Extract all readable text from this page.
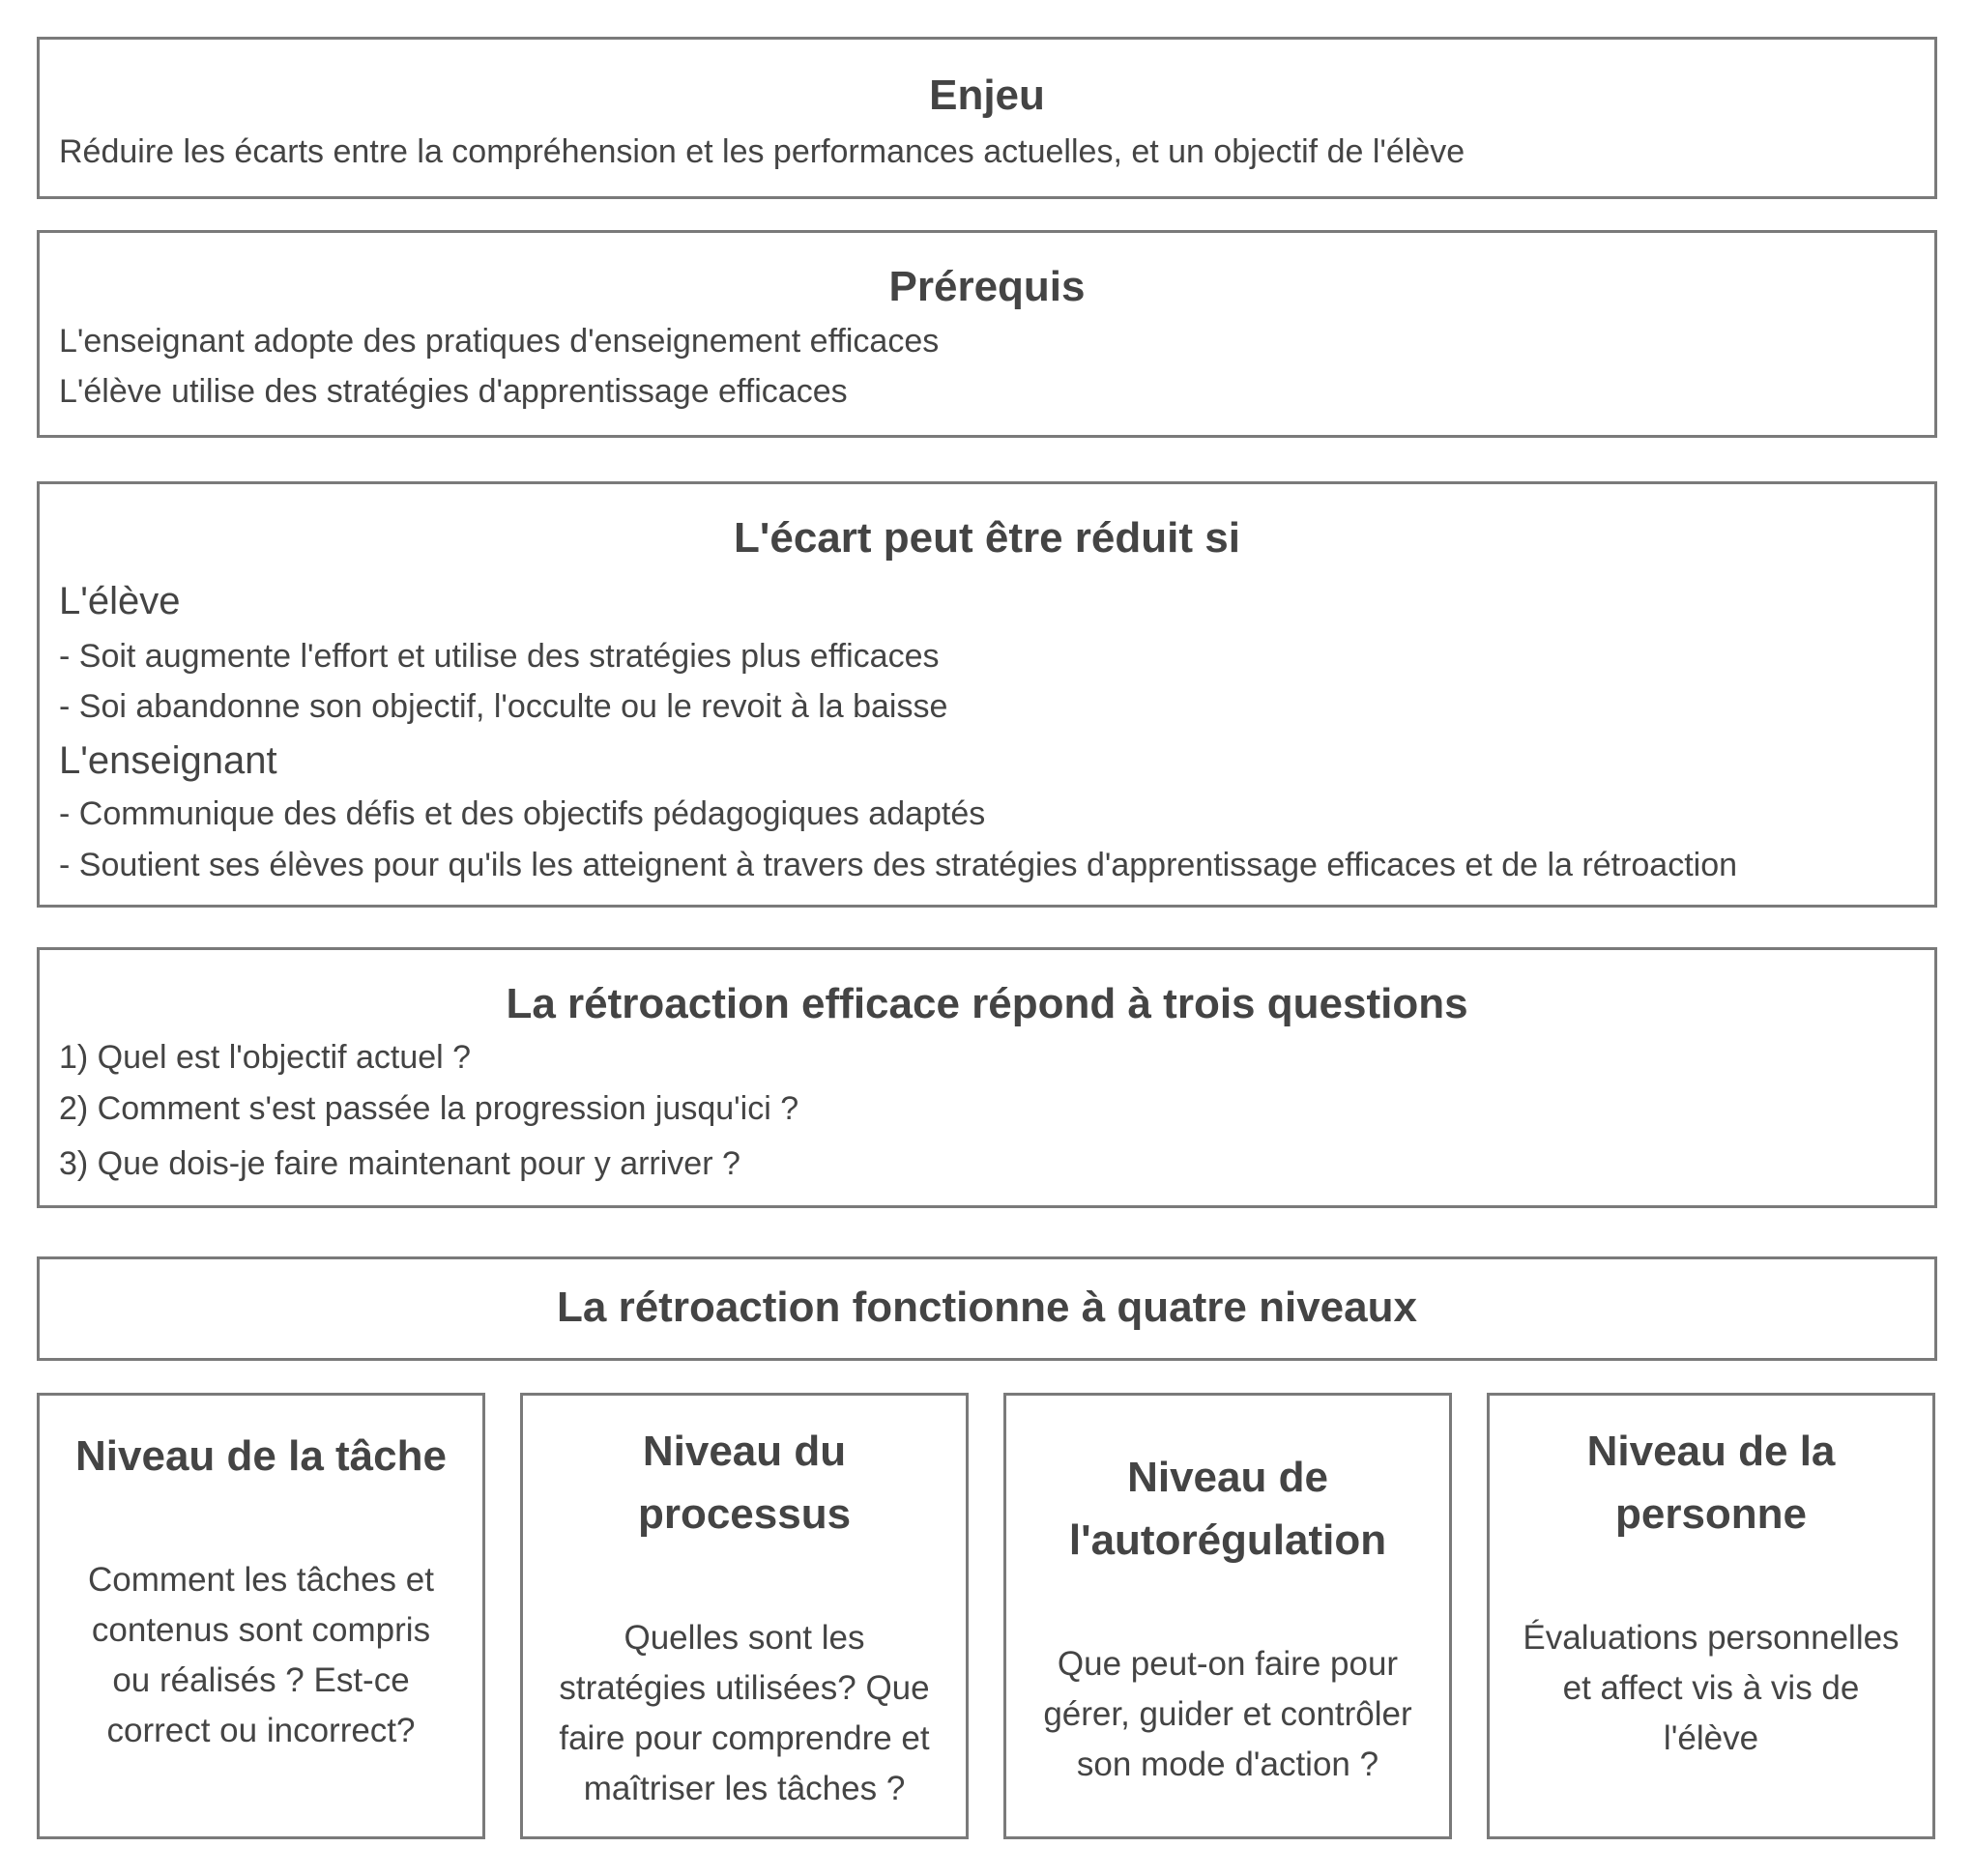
Enjeu
Réduire les écarts entre la compréhension et les performances actuelles, et un objectif de l'élève
Prérequis
L'enseignant adopte des pratiques d'enseignement efficaces
L'élève utilise des stratégies d'apprentissage efficaces
L'écart peut être réduit si
L'élève
- Soit augmente l'effort et utilise des stratégies plus efficaces
- Soi abandonne son objectif, l'occulte ou le revoit à la baisse
L'enseignant
- Communique des défis et des objectifs pédagogiques adaptés
- Soutient ses élèves pour qu'ils les atteignent à travers des stratégies d'apprentissage efficaces et de la rétroaction
La rétroaction efficace répond à trois questions
1) Quel est l'objectif actuel ?
2) Comment s'est passée la progression jusqu'ici ?
3) Que dois-je faire maintenant pour y arriver ?
La rétroaction fonctionne à quatre niveaux
Niveau de la tâche
Comment les tâches et
contenus sont compris
ou réalisés ? Est-ce
correct ou incorrect?
Niveau du
processus
Quelles sont les
stratégies utilisées? Que
faire pour comprendre et
maîtriser les tâches ?
Niveau de
l'autorégulation
Que peut-on faire pour
gérer, guider et contrôler
son mode d'action ?
Niveau de la
personne
Évaluations personnelles
et affect vis à vis de
l'élève
